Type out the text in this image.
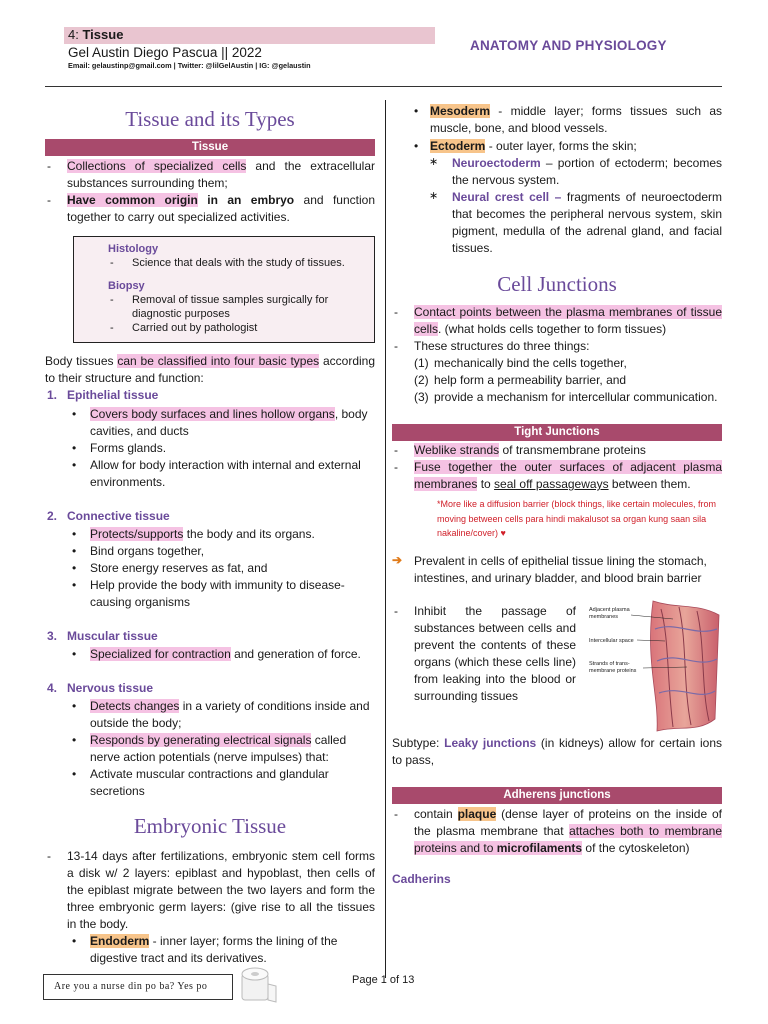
4: Tissue
Gel Austin Diego Pascua || 2022
Email: gelaustinp@gmail.com | Twitter: @lilGelAustin | IG: @gelaustin
ANATOMY AND PHYSIOLOGY
Tissue and its Types
Tissue
- Collections of specialized cells and the extracellular substances surrounding them;
- Have common origin in an embryo and function together to carry out specialized activities.
Histology
- Science that deals with the study of tissues.
Biopsy
- Removal of tissue samples surgically for diagnostic purposes
- Carried out by pathologist
Body tissues can be classified into four basic types according to their structure and function:
1. Epithelial tissue
• Covers body surfaces and lines hollow organs, body cavities, and ducts
• Forms glands.
• Allow for body interaction with internal and external environments.
2. Connective tissue
• Protects/supports the body and its organs.
• Bind organs together,
• Store energy reserves as fat, and
• Help provide the body with immunity to disease-causing organisms
3. Muscular tissue
• Specialized for contraction and generation of force.
4. Nervous tissue
• Detects changes in a variety of conditions inside and outside the body;
• Responds by generating electrical signals called nerve action potentials (nerve impulses) that:
• Activate muscular contractions and glandular secretions
Embryonic Tissue
- 13-14 days after fertilizations, embryonic stem cell forms a disk w/ 2 layers: epiblast and hypoblast, then cells of the epiblast migrate between the two layers and form the three embryonic germ layers: (give rise to all the tissues in the body.
• Endoderm - inner layer; forms the lining of the digestive tract and its derivatives.
• Mesoderm - middle layer; forms tissues such as muscle, bone, and blood vessels.
• Ectoderm - outer layer, forms the skin;
∗ Neuroectoderm – portion of ectoderm; becomes the nervous system.
∗ Neural crest cell – fragments of neuroectoderm that becomes the peripheral nervous system, skin pigment, medulla of the adrenal gland, and facial tissues.
Cell Junctions
- Contact points between the plasma membranes of tissue cells. (what holds cells together to form tissues)
- These structures do three things:
(1) mechanically bind the cells together,
(2) help form a permeability barrier, and
(3) provide a mechanism for intercellular communication.
Tight Junctions
- Weblike strands of transmembrane proteins
- Fuse together the outer surfaces of adjacent plasma membranes to seal off passageways between them.
*More like a diffusion barrier (block things, like certain molecules, from moving between cells para hindi makalusot sa organ kung saan sila nakaline/cover) ♥
➔ Prevalent in cells of epithelial tissue lining the stomach, intestines, and urinary bladder, and blood brain barrier
- Inhibit the passage of substances between cells and prevent the contents of these organs (which these cells line) from leaking into the blood or surrounding tissues
Adjacent plasma
membranes
Intercellular space
Strands of trans-
membrane proteins
Subtype: Leaky junctions (in kidneys) allow for certain ions to pass,
Adherens junctions
- contain plaque (dense layer of proteins on the inside of the plasma membrane that attaches both to membrane proteins and to microfilaments of the cytoskeleton)
Cadherins
Are you a nurse din po ba? Yes po
Page 1 of 13
